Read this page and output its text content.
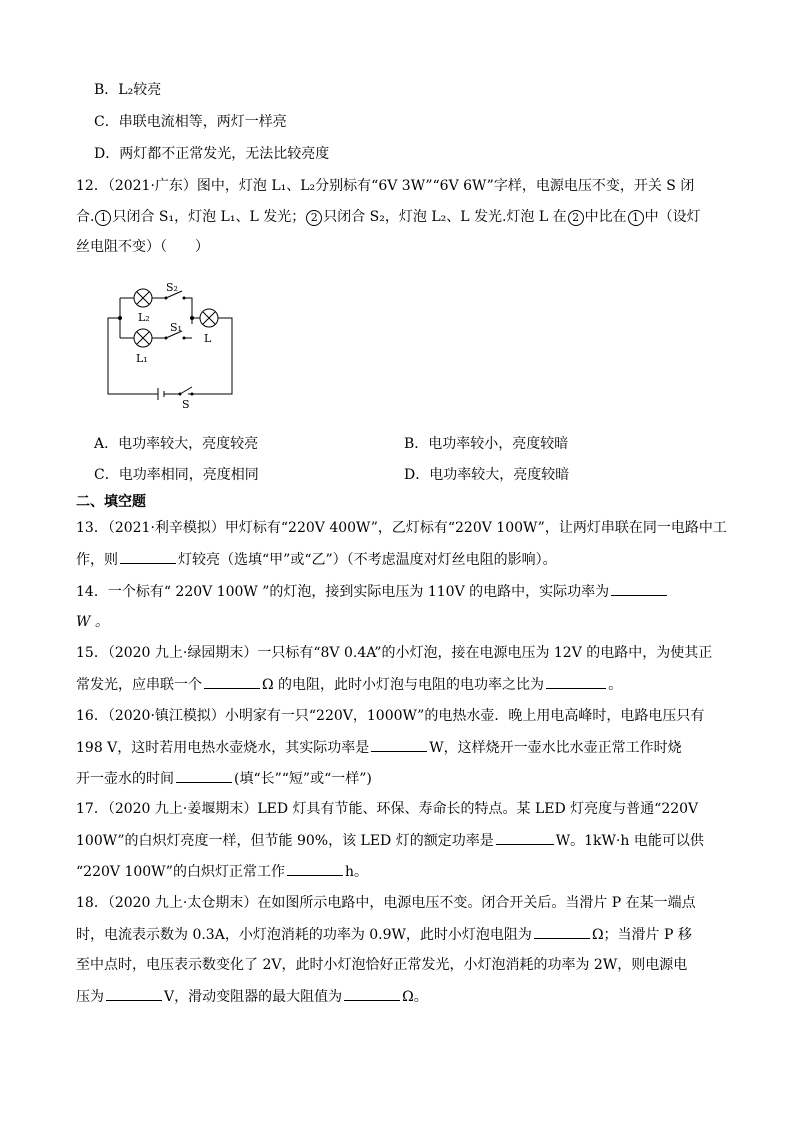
B．L₂较亮
C．串联电流相等，两灯一样亮
D．两灯都不正常发光，无法比较亮度
12．（2021·广东）图中，灯泡 L₁、L₂分别标有“6V 3W”“6V 6W”字样，电源电压不变，开关 S 闭
合. 1 只闭合 S₁，灯泡 L₁、L 发光； 2 只闭合 S₂，灯泡 L₂、L 发光.灯泡 L 在 2 中比在 1 中（设灯
丝电阻不变）（　　）
S₂
L₂
S₁
L₁
L
S
A．电功率较大，亮度较亮	B．电功率较小，亮度较暗
C．电功率相同，亮度相同	D．电功率较大，亮度较暗
二、填空题
13．（2021·利辛模拟）甲灯标有“220V 400W”，乙灯标有“220V 100W”，让两灯串联在同一电路中工
作，则	灯较亮（选填“甲”或“乙”）（不考虑温度对灯丝电阻的影响）。
14．一个标有“ 220V 100W ”的灯泡，接到实际电压为 110V 的电路中，实际功率为
W 。
15．（2020 九上·绿园期末）一只标有“8V 0.4A”的小灯泡，接在电源电压为 12V 的电路中，为使其正
常发光，应串联一个	Ω 的电阻，此时小灯泡与电阻的电功率之比为	。
16．（2020·镇江模拟）小明家有一只“220V，1000W”的电热水壶．晚上用电高峰时，电路电压只有
198 V，这时若用电热水壶烧水，其实际功率是	W，这样烧开一壶水比水壶正常工作时烧
开一壶水的时间	(填“长”“短”或“一样”)
17．（2020 九上·姜堰期末）LED 灯具有节能、环保、寿命长的特点。某 LED 灯亮度与普通“220V
100W”的白炽灯亮度一样，但节能 90%，该 LED 灯的额定功率是	W。1kW·h 电能可以供
“220V 100W”的白炽灯正常工作	h。
18．（2020 九上·太仓期末）在如图所示电路中，电源电压不变。闭合开关后。当滑片 P 在某一端点
时，电流表示数为 0.3A，小灯泡消耗的功率为 0.9W，此时小灯泡电阻为	Ω；当滑片 P 移
至中点时，电压表示数变化了 2V，此时小灯泡恰好正常发光，小灯泡消耗的功率为 2W，则电源电
压为	V，滑动变阻器的最大阻值为	Ω。
